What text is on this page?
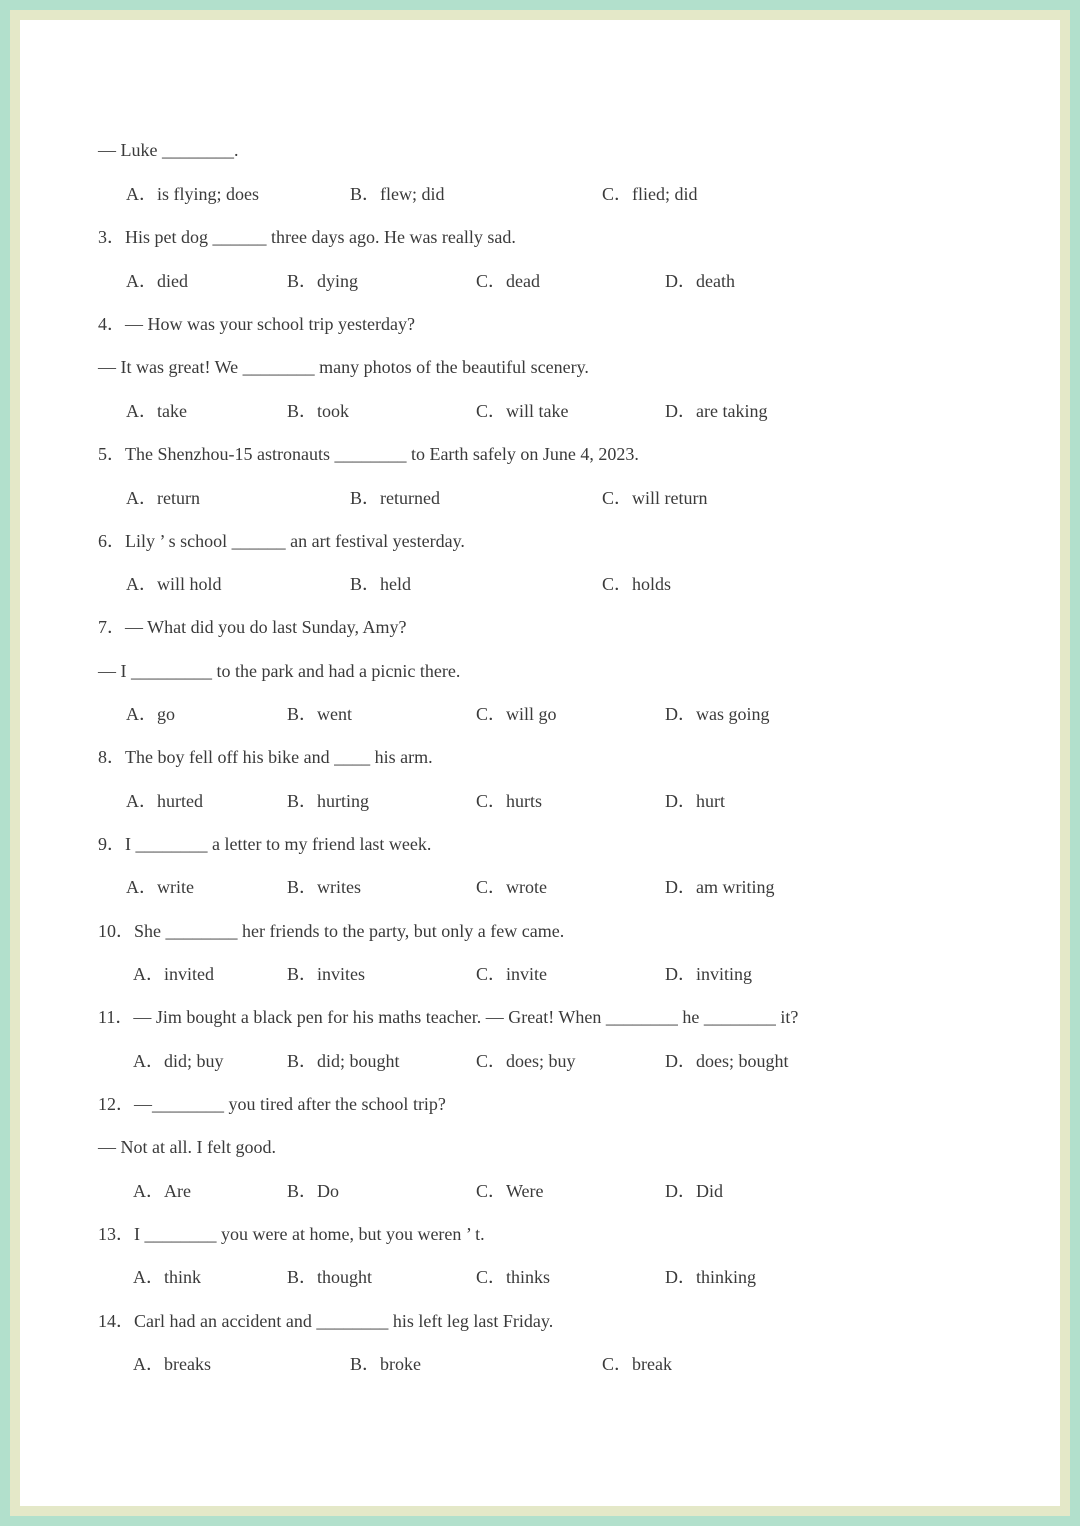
— Luke ________.
A．is flying; does	B．flew; did	C．flied; did
3．His pet dog ______ three days ago. He was really sad.
A．died	B．dying	C．dead	D．death
4．— How was your school trip yesterday?
— It was great! We ________ many photos of the beautiful scenery.
A．take	B．took	C．will take	D．are taking
5．The Shenzhou-15 astronauts ________ to Earth safely on June 4, 2023.
A．return	B．returned	C．will return
6．Lily ’ s school ______ an art festival yesterday.
A．will hold	B．held	C．holds
7．— What did you do last Sunday, Amy?
— I _________ to the park and had a picnic there.
A．go	B．went	C．will go	D．was going
8．The boy fell off his bike and ____ his arm.
A．hurted	B．hurting	C．hurts	D．hurt
9．I ________ a letter to my friend last week.
A．write	B．writes	C．wrote	D．am writing
10．She ________ her friends to the party, but only a few came.
A．invited	B．invites	C．invite	D．inviting
11．— Jim bought a black pen for his maths teacher. — Great! When ________ he ________ it?
A．did; buy	B．did; bought	C．does; buy	D．does; bought
12．—________ you tired after the school trip?
— Not at all. I felt good.
A．Are	B．Do	C．Were	D．Did
13．I ________ you were at home, but you weren ’ t.
A．think	B．thought	C．thinks	D．thinking
14．Carl had an accident and ________ his left leg last Friday.
A．breaks	B．broke	C．break
